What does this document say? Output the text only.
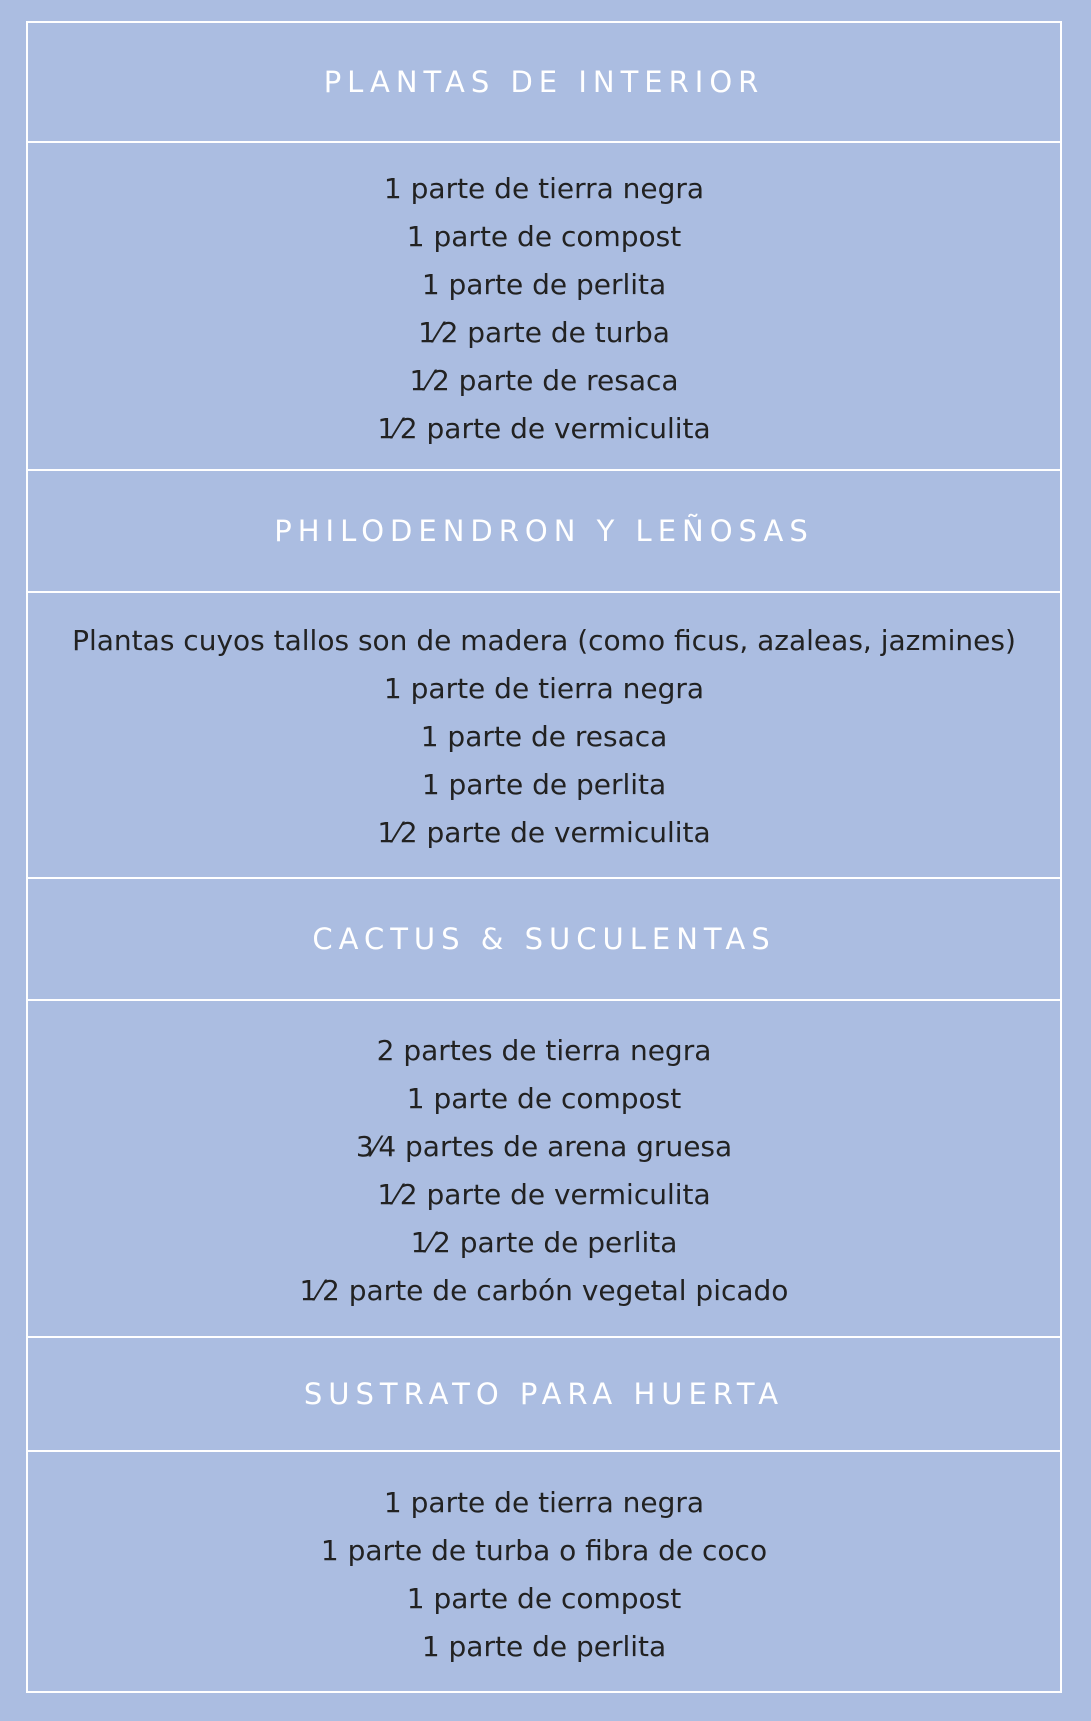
PLANTAS DE INTERIOR
1 parte de tierra negra
1 parte de compost
1 parte de perlita
1⁄2 parte de turba
1⁄2 parte de resaca
1⁄2 parte de vermiculita
PHILODENDRON Y LEÑOSAS
Plantas cuyos tallos son de madera (como ficus, azaleas, jazmines)
1 parte de tierra negra
1 parte de resaca
1 parte de perlita
1⁄2 parte de vermiculita
CACTUS & SUCULENTAS
2 partes de tierra negra
1 parte de compost
3⁄4 partes de arena gruesa
1⁄2 parte de vermiculita
1⁄2 parte de perlita
1⁄2 parte de carbón vegetal picado
SUSTRATO PARA HUERTA
1 parte de tierra negra
1 parte de turba o fibra de coco
1 parte de compost
1 parte de perlita
